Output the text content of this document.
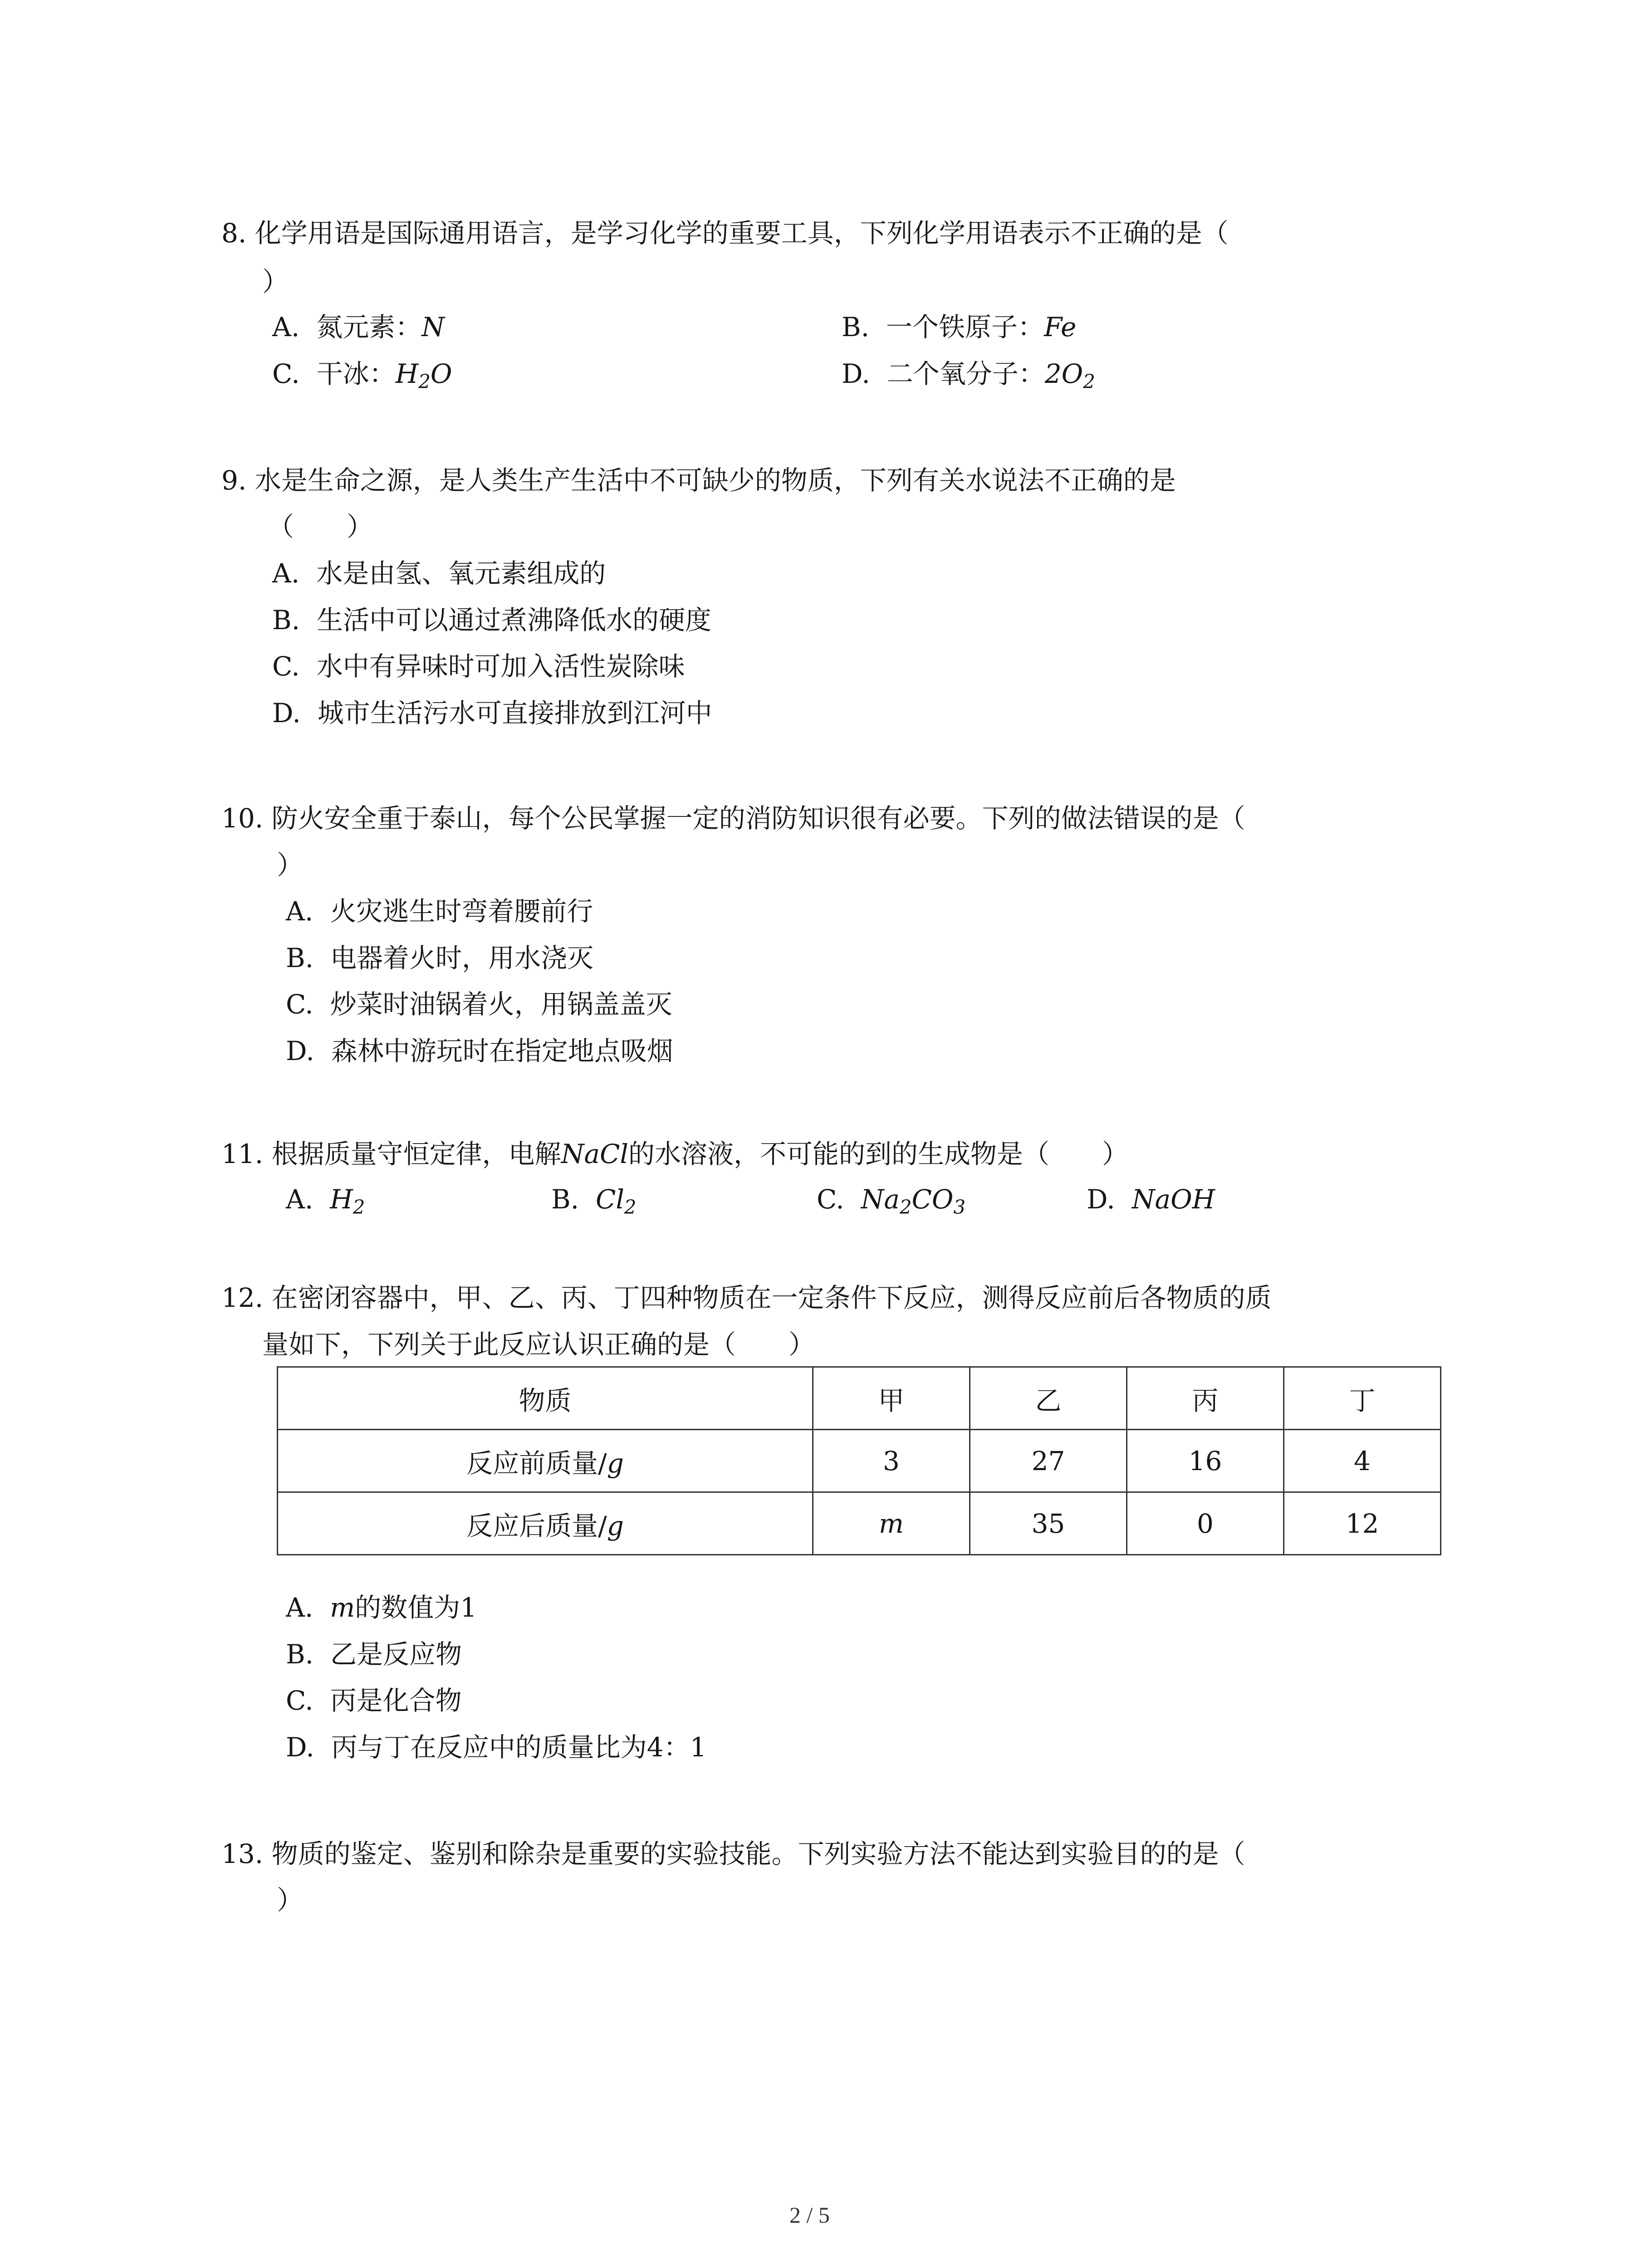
8. 化学用语是国际通用语言，是学习化学的重要工具，下列化学用语表示不正确的是（
）
A. 氮元素：N	B. 一个铁原子：Fe
C. 干冰：$H_2O$	D. 二个氧分子：$2O_2$
9. 水是生命之源，是人类生产生活中不可缺少的物质，下列有关水说法不正确的是
（　　）
A. 水是由氢、氧元素组成的
B. 生活中可以通过煮沸降低水的硬度
C. 水中有异味时可加入活性炭除味
D. 城市生活污水可直接排放到江河中
10. 防火安全重于泰山，每个公民掌握一定的消防知识很有必要。下列的做法错误的是（
）
A. 火灾逃生时弯着腰前行
B. 电器着火时，用水浇灭
C. 炒菜时油锅着火，用锅盖盖灭
D. 森林中游玩时在指定地点吸烟
11. 根据质量守恒定律，电解NaCl的水溶液，不可能的到的生成物是（　　）
A. $H_2$	B. $Cl_2$	C. $Na_2CO_3$	D. NaOH
12. 在密闭容器中，甲、乙、丙、丁四种物质在一定条件下反应，测得反应前后各物质的质
量如下，下列关于此反应认识正确的是（　　）
物质	甲	乙	丙	丁
反应前质量/g	3	27	16	4
反应后质量/g	m	35	0	12
A. m的数值为1
B. 乙是反应物
C. 丙是化合物
D. 丙与丁在反应中的质量比为4：1
13. 物质的鉴定、鉴别和除杂是重要的实验技能。下列实验方法不能达到实验目的的是（
）
2 / 5
